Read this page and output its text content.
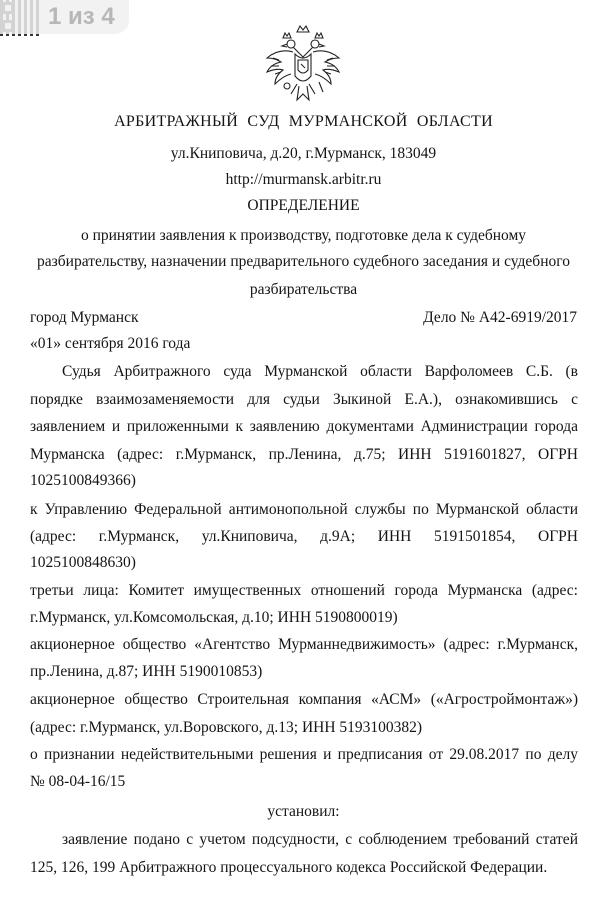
1 из 4
АРБИТРАЖНЫЙ СУД МУРМАНСКОЙ ОБЛАСТИ
ул.Книповича, д.20, г.Мурманск, 183049
http://murmansk.arbitr.ru
ОПРЕДЕЛЕНИЕ
о принятии заявления к производству, подготовке дела к судебному
разбирательству, назначении предварительного судебного заседания и судебного
разбирательства
город Мурманск	Дело № А42-6919/2017
«01» сентября 2016 года
Судья Арбитражного суда Мурманской области Варфоломеев С.Б. (в
порядке взаимозаменяемости для судьи Зыкиной Е.А.), ознакомившись с
заявлением и приложенными к заявлению документами Администрации города
Мурманска (адрес: г.Мурманск, пр.Ленина, д.75; ИНН 5191601827, ОГРН
1025100849366)
к Управлению Федеральной антимонопольной службы по Мурманской области
(адрес: г.Мурманск, ул.Книповича, д.9А; ИНН 5191501854, ОГРН
1025100848630)
третьи лица: Комитет имущественных отношений города Мурманска (адрес:
г.Мурманск, ул.Комсомольская, д.10; ИНН 5190800019)
акционерное общество «Агентство Мурманнедвижимость» (адрес: г.Мурманск,
пр.Ленина, д.87; ИНН 5190010853)
акционерное общество Строительная компания «АСМ» («Агростроймонтаж»)
(адрес: г.Мурманск, ул.Воровского, д.13; ИНН 5193100382)
о признании недействительными решения и предписания от 29.08.2017 по делу
№ 08-04-16/15
установил:
заявление подано с учетом подсудности, с соблюдением требований статей
125, 126, 199 Арбитражного процессуального кодекса Российской Федерации.
